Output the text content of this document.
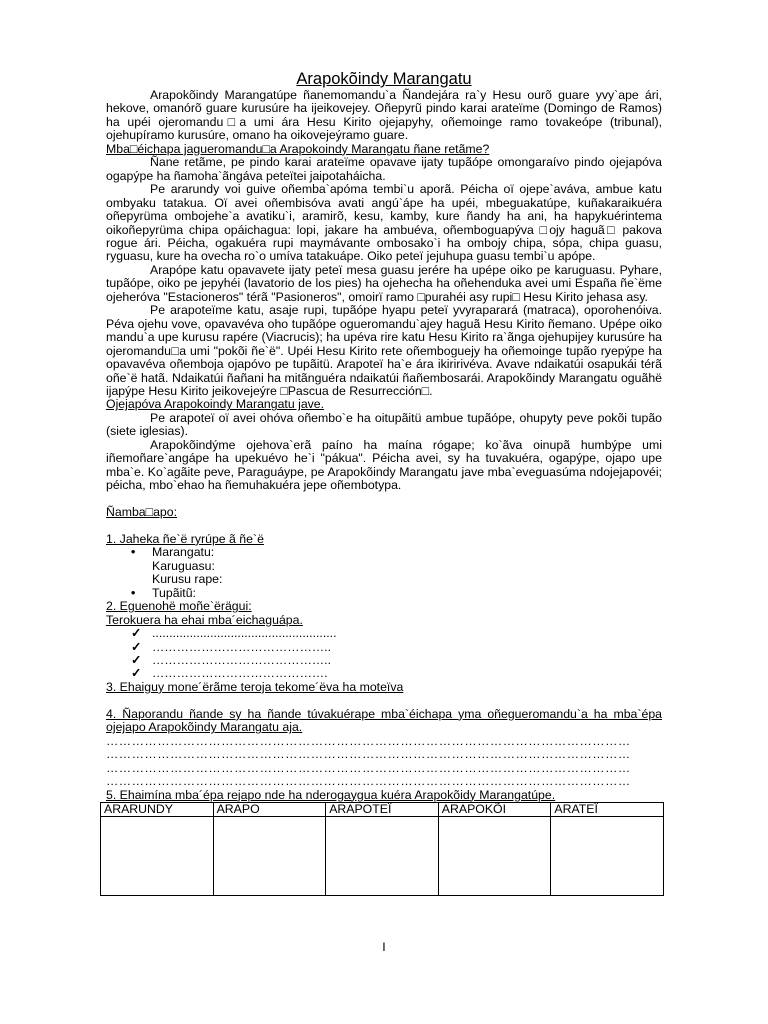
Arapokõindy Marangatu

Arapokõindy Marangatúpe ñanemomandu`a Ñandejára ra`y Hesu ourõ guare yvy`ape ári, hekove, omanórõ guare kurusúre ha ijeikovejey. Oñepyrũ pindo karai arateïme (Domingo de Ramos) ha upéi ojeromandu□a umi ára Hesu Kirito ojejapyhy, oñemoinge ramo tovakeópe (tribunal), ojehupíramo kurusúre, omano ha oikovejeýramo guare.

Mba□éichapa jagueromandu□a Arapokoindy Marangatu ñane retãme?

Ñane retãme, pe pindo karai arateïme opavave ijaty tupãópe omongaraívo pindo ojejapóva ogapýpe ha ñamoha`ãngáva peteïtei jaipotaháicha.

Pe ararundy voi guive oñemba`apóma tembi`u aporã. Péicha oï ojepe`aváva, ambue katu ombyaku tatakua. Oï avei oñembisóva avati angú`ápe ha upéi, mbeguakatúpe, kuñakaraikuéra oñepyrüma ombojehe`a avatiku`i, aramirõ, kesu, kamby, kure ñandy ha ani, ha hapykuérintema oikoñepyrüma chipa opáichagua: lopi, jakare ha ambuéva, oñemboguapýva □ojy haguã□ pakova rogue ári. Péicha, ogakuéra rupi maymávante ombosako`i ha ombojy chipa, sópa, chipa guasu, ryguasu, kure ha ovecha ro`o umíva tatakuápe. Oiko peteï jejuhupa guasu tembi`u apópe.

Arapópe katu opavavete ijaty peteï mesa guasu jerére ha upépe oiko pe karuguasu. Pyhare, tupãópe, oiko pe jepyhéi (lavatorio de los pies) ha ojehecha ha oñehenduka avei umi España ñe`ëme ojeheróva "Estacioneros" térã "Pasioneros", omoirï ramo □purahéi asy rupi□ Hesu Kirito jehasa asy.

Pe arapoteïme katu, asaje rupi, tupãópe hyapu peteï yvyraparará (matraca), oporohenóiva. Péva ojehu vove, opavavéva oho tupãópe ogueromandu`ajey haguã Hesu Kirito ñemano. Upépe oiko mandu`a upe kurusu rapére (Viacrucis); ha upéva rire katu Hesu Kirito ra`ãnga ojehupijey kurusúre ha ojeromandu□a umi "pokõi ñe`ë". Upéi Hesu Kirito rete oñemboguejy ha oñemoinge tupão ryepýpe ha opavavéva oñemboja ojapóvo pe tupãitü. Arapoteï ha`e ára ikiririvéva. Avave ndaikatúi osapukái térã oñe`ë hatã. Ndaikatúi ñañani ha mitãnguéra ndaikatúi ñañembosarái. Arapokõindy Marangatu oguãhë ijapýpe Hesu Kirito jeikovejeýre □Pascua de Resurrección□.

Ojejapóva Arapokoindy Marangatu jave.

Pe arapoteï oï avei ohóva oñembo`e ha oitupãitü ambue tupãópe, ohupyty peve pokõi tupão (siete iglesias).

Arapokõindýme ojehova`erã paíno ha maína rógape; ko`ãva oinupã humbýpe umi iñemoñare`angápe ha upekuévo he`i "pákua". Péicha avei, sy ha tuvakuéra, ogapýpe, ojapo upe mba`e. Ko`agãite peve, Paraguáype, pe Arapokõindy Marangatu jave mba`eveguasúma ndojejapovéi; péicha, mbo`ehao ha ñemuhakuéra jepe oñembotypa.

Ñamba□apo:

1. Jaheka ñe`ë ryrúpe ã ñe`ë

• Marangatu:
Karuguasu:
Kurusu rape:
• Tupãitũ:

2. Eguenohë moñe`ërägui:

Terokuera ha ehai mba´eichaguápa.

✓ ......................................................
✓ ……………………………………..
✓ ……………………………………..
✓ …………………………………….

3. Ehaiguy mone´ërãme teroja tekome´ëva ha moteïva

4. Ñaporandu ñande sy ha ñande túvakuérape mba`éichapa yma oñegueromandu`a ha mba`épa ojejapo Arapokõindy Marangatu aja.

……………………………………………………………………………………………………………
……………………………………………………………………………………………………………
……………………………………………………………………………………………………………
……………………………………………………………………………………………………………

5. Ehaimína mba´épa rejapo nde ha nderogaygua kuéra Arapokõidy Marangatúpe.

ARARUNDY	ARAPO	ARAPOTEÏ	ARAPOKÕI	ARATEÏ

I
